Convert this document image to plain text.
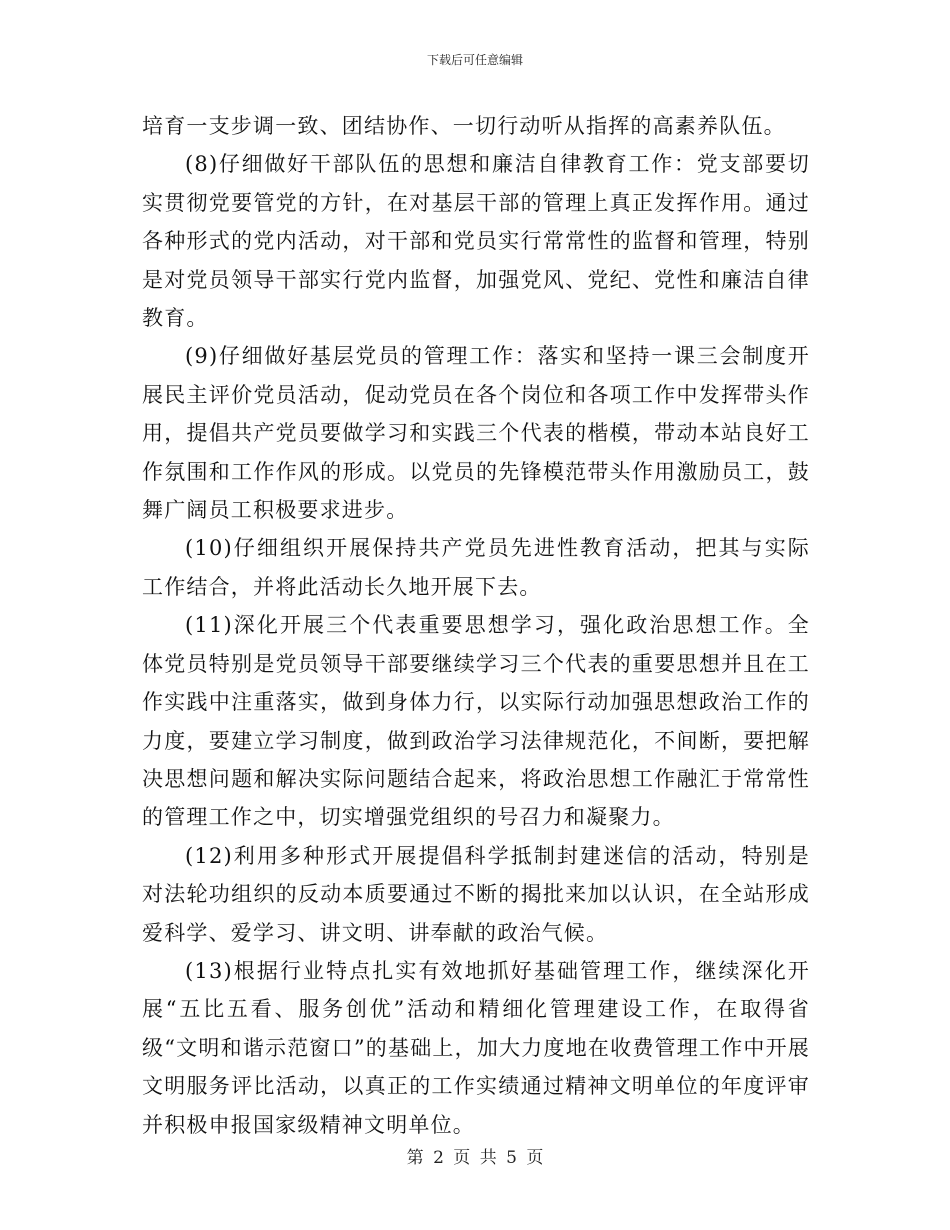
下载后可任意编辑

培育一支步调一致、团结协作、一切行动听从指挥的高素养队伍。

(8)仔细做好干部队伍的思想和廉洁自律教育工作：党支部要切实贯彻党要管党的方针，在对基层干部的管理上真正发挥作用。通过各种形式的党内活动，对干部和党员实行常常性的监督和管理，特别是对党员领导干部实行党内监督，加强党风、党纪、党性和廉洁自律教育。

(9)仔细做好基层党员的管理工作：落实和坚持一课三会制度开展民主评价党员活动，促动党员在各个岗位和各项工作中发挥带头作用，提倡共产党员要做学习和实践三个代表的楷模，带动本站良好工作氛围和工作作风的形成。以党员的先锋模范带头作用激励员工，鼓舞广阔员工积极要求进步。

(10)仔细组织开展保持共产党员先进性教育活动，把其与实际工作结合，并将此活动长久地开展下去。

(11)深化开展三个代表重要思想学习，强化政治思想工作。全体党员特别是党员领导干部要继续学习三个代表的重要思想并且在工作实践中注重落实，做到身体力行，以实际行动加强思想政治工作的力度，要建立学习制度，做到政治学习法律规范化，不间断，要把解决思想问题和解决实际问题结合起来，将政治思想工作融汇于常常性的管理工作之中，切实增强党组织的号召力和凝聚力。

(12)利用多种形式开展提倡科学抵制封建迷信的活动，特别是对法轮功组织的反动本质要通过不断的揭批来加以认识，在全站形成爱科学、爱学习、讲文明、讲奉献的政治气候。

(13)根据行业特点扎实有效地抓好基础管理工作，继续深化开展“五比五看、服务创优”活动和精细化管理建设工作，在取得省级“文明和谐示范窗口”的基础上，加大力度地在收费管理工作中开展文明服务评比活动，以真正的工作实绩通过精神文明单位的年度评审并积极申报国家级精神文明单位。

第 2 页 共 5 页
